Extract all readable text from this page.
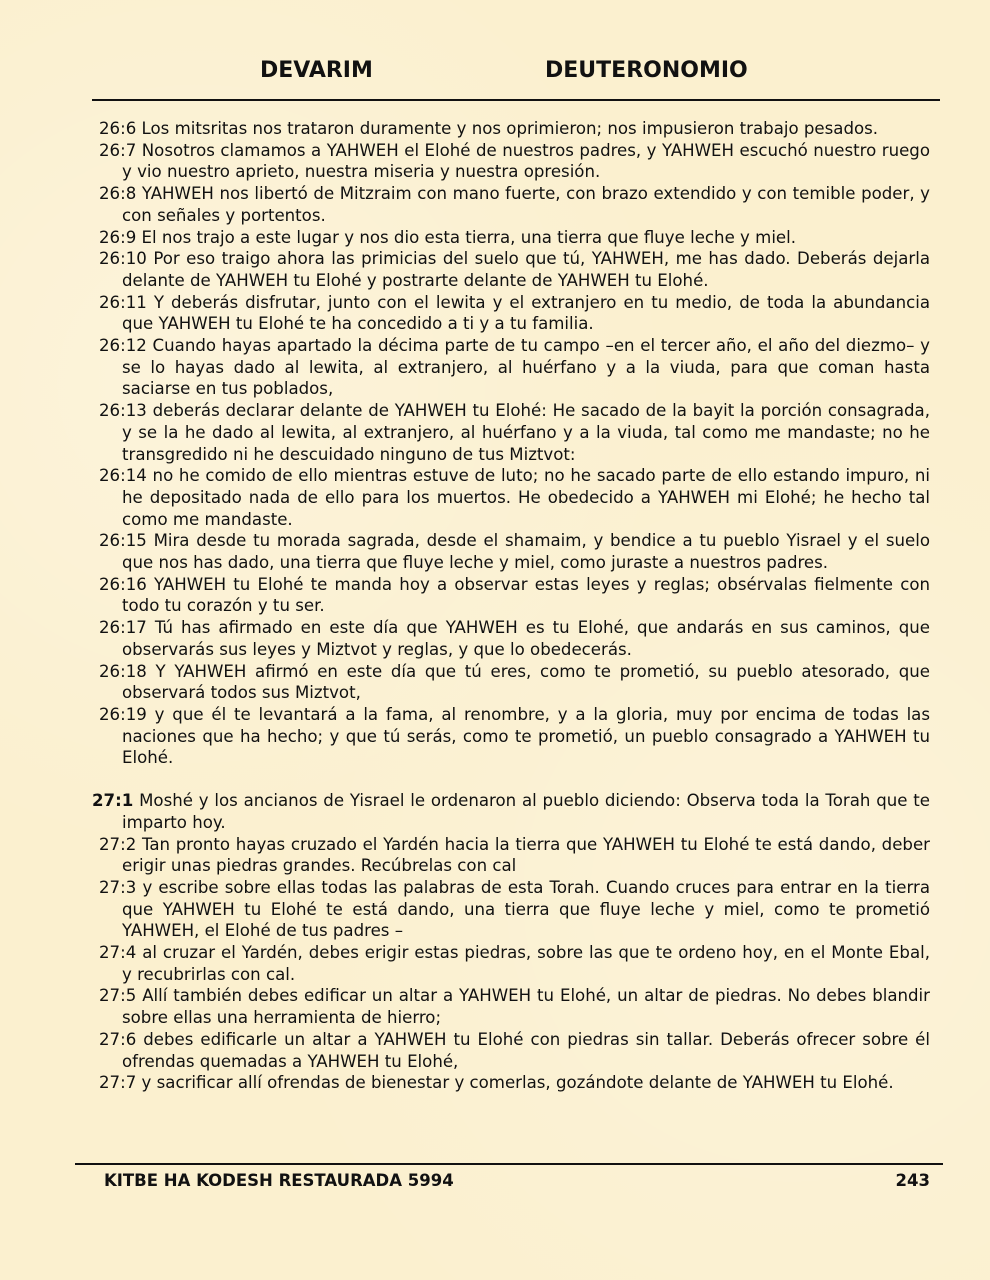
DEVARIM	DEUTERONOMIO

26:6 Los mitsritas nos trataron duramente y nos oprimieron; nos impusieron trabajo pesados.

26:7 Nosotros clamamos a YAHWEH el Elohé de nuestros padres, y YAHWEH escuchó nuestro ruego y vio nuestro aprieto, nuestra miseria y nuestra opresión.

26:8 YAHWEH nos libertó de Mitzraim con mano fuerte, con brazo extendido y con temible poder, y con señales y portentos.

26:9 El nos trajo a este lugar y nos dio esta tierra, una tierra que fluye leche y miel.

26:10 Por eso traigo ahora las primicias del suelo que tú, YAHWEH, me has dado. Deberás dejarla delante de YAHWEH tu Elohé y postrarte delante de YAHWEH tu Elohé.

26:11 Y deberás disfrutar, junto con el lewita y el extranjero en tu medio, de toda la abundancia que YAHWEH tu Elohé te ha concedido a ti y a tu familia.

26:12 Cuando hayas apartado la décima parte de tu campo –en el tercer año, el año del diezmo– y se lo hayas dado al lewita, al extranjero, al huérfano y a la viuda, para que coman hasta saciarse en tus poblados,

26:13 deberás declarar delante de YAHWEH tu Elohé: He sacado de la bayit la porción consagrada, y se la he dado al lewita, al extranjero, al huérfano y a la viuda, tal como me mandaste; no he transgredido ni he descuidado ninguno de tus Miztvot:

26:14 no he comido de ello mientras estuve de luto; no he sacado parte de ello estando impuro, ni he depositado nada de ello para los muertos. He obedecido a YAHWEH mi Elohé; he hecho tal como me mandaste.

26:15 Mira desde tu morada sagrada, desde el shamaim, y bendice a tu pueblo Yisrael y el suelo que nos has dado, una tierra que fluye leche y miel, como juraste a nuestros padres.

26:16 YAHWEH tu Elohé te manda hoy a observar estas leyes y reglas; obsérvalas fielmente con todo tu corazón y tu ser.

26:17 Tú has afirmado en este día que YAHWEH es tu Elohé, que andarás en sus caminos, que observarás sus leyes y Miztvot y reglas, y que lo obedecerás.

26:18 Y YAHWEH afirmó en este día que tú eres, como te prometió, su pueblo atesorado, que observará todos sus Miztvot,

26:19 y que él te levantará a la fama, al renombre, y a la gloria, muy por encima de todas las naciones que ha hecho; y que tú serás, como te prometió, un pueblo consagrado a YAHWEH tu Elohé.

27:1 Moshé y los ancianos de Yisrael le ordenaron al pueblo diciendo: Observa toda la Torah que te imparto hoy.

27:2 Tan pronto hayas cruzado el Yardén hacia la tierra que YAHWEH tu Elohé te está dando, deber erigir unas piedras grandes. Recúbrelas con cal

27:3 y escribe sobre ellas todas las palabras de esta Torah. Cuando cruces para entrar en la tierra que YAHWEH tu Elohé te está dando, una tierra que fluye leche y miel, como te prometió YAHWEH, el Elohé de tus padres –

27:4 al cruzar el Yardén, debes erigir estas piedras, sobre las que te ordeno hoy, en el Monte Ebal, y recubrirlas con cal.

27:5 Allí también debes edificar un altar a YAHWEH tu Elohé, un altar de piedras. No debes blandir sobre ellas una herramienta de hierro;

27:6 debes edificarle un altar a YAHWEH tu Elohé con piedras sin tallar. Deberás ofrecer sobre él ofrendas quemadas a YAHWEH tu Elohé,

27:7 y sacrificar allí ofrendas de bienestar y comerlas, gozándote delante de YAHWEH tu Elohé.

KITBE HA KODESH RESTAURADA 5994	243
